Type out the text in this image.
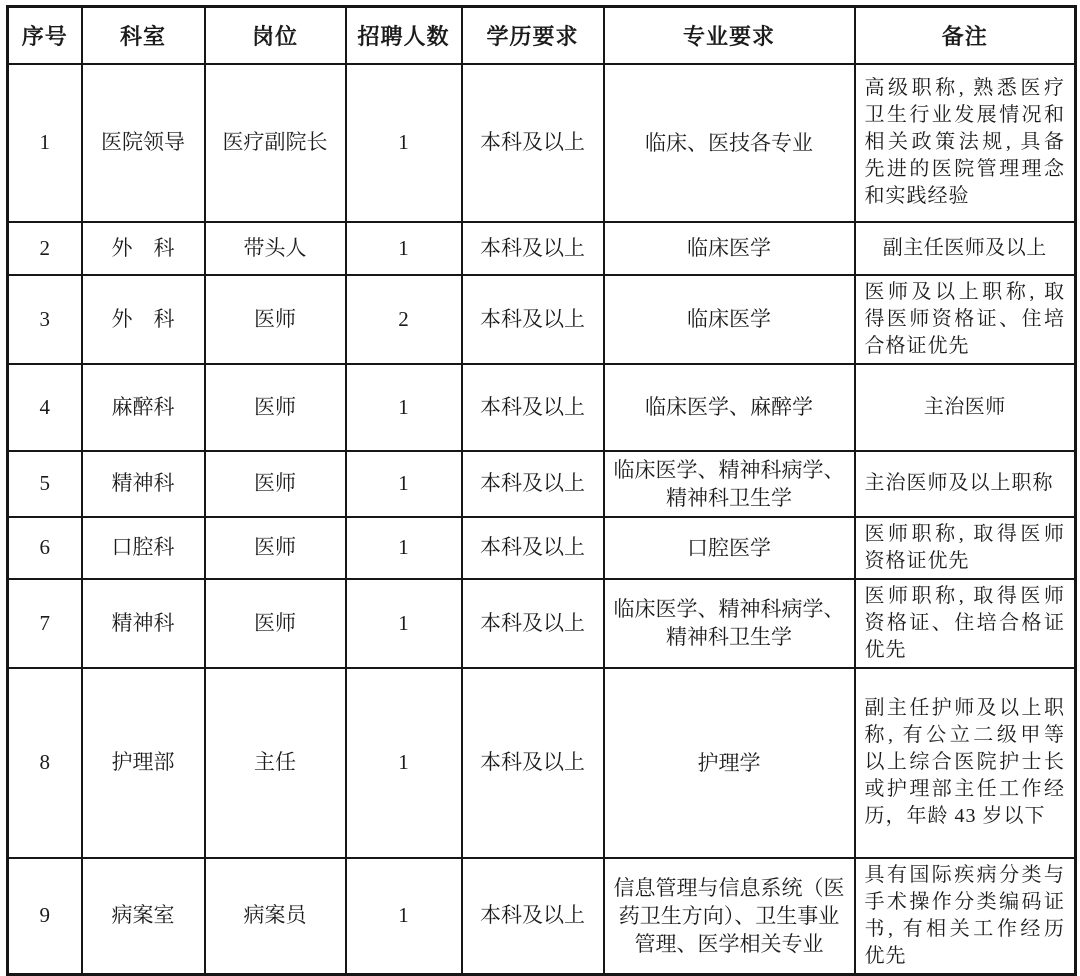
序号	科室	岗位	招聘人数	学历要求	专业要求	备注
1	医院领导	医疗副院长	1	本科及以上	临床、医技各专业	高级职称, 熟悉医疗卫生行业发展情况和相关政策法规, 具备先进的医院管理理念和实践经验
2	外　科	带头人	1	本科及以上	临床医学	副主任医师及以上
3	外　科	医师	2	本科及以上	临床医学	医师及以上职称, 取得医师资格证、住培合格证优先
4	麻醉科	医师	1	本科及以上	临床医学、麻醉学	主治医师
5	精神科	医师	1	本科及以上	临床医学、精神科病学、精神科卫生学	主治医师及以上职称
6	口腔科	医师	1	本科及以上	口腔医学	医师职称, 取得医师资格证优先
7	精神科	医师	1	本科及以上	临床医学、精神科病学、精神科卫生学	医师职称, 取得医师资格证、住培合格证优先
8	护理部	主任	1	本科及以上	护理学	副主任护师及以上职称, 有公立二级甲等以上综合医院护士长或护理部主任工作经历，年龄 43 岁以下
9	病案室	病案员	1	本科及以上	信息管理与信息系统（医药卫生方向）、卫生事业管理、医学相关专业	具有国际疾病分类与手术操作分类编码证书, 有相关工作经历优先
